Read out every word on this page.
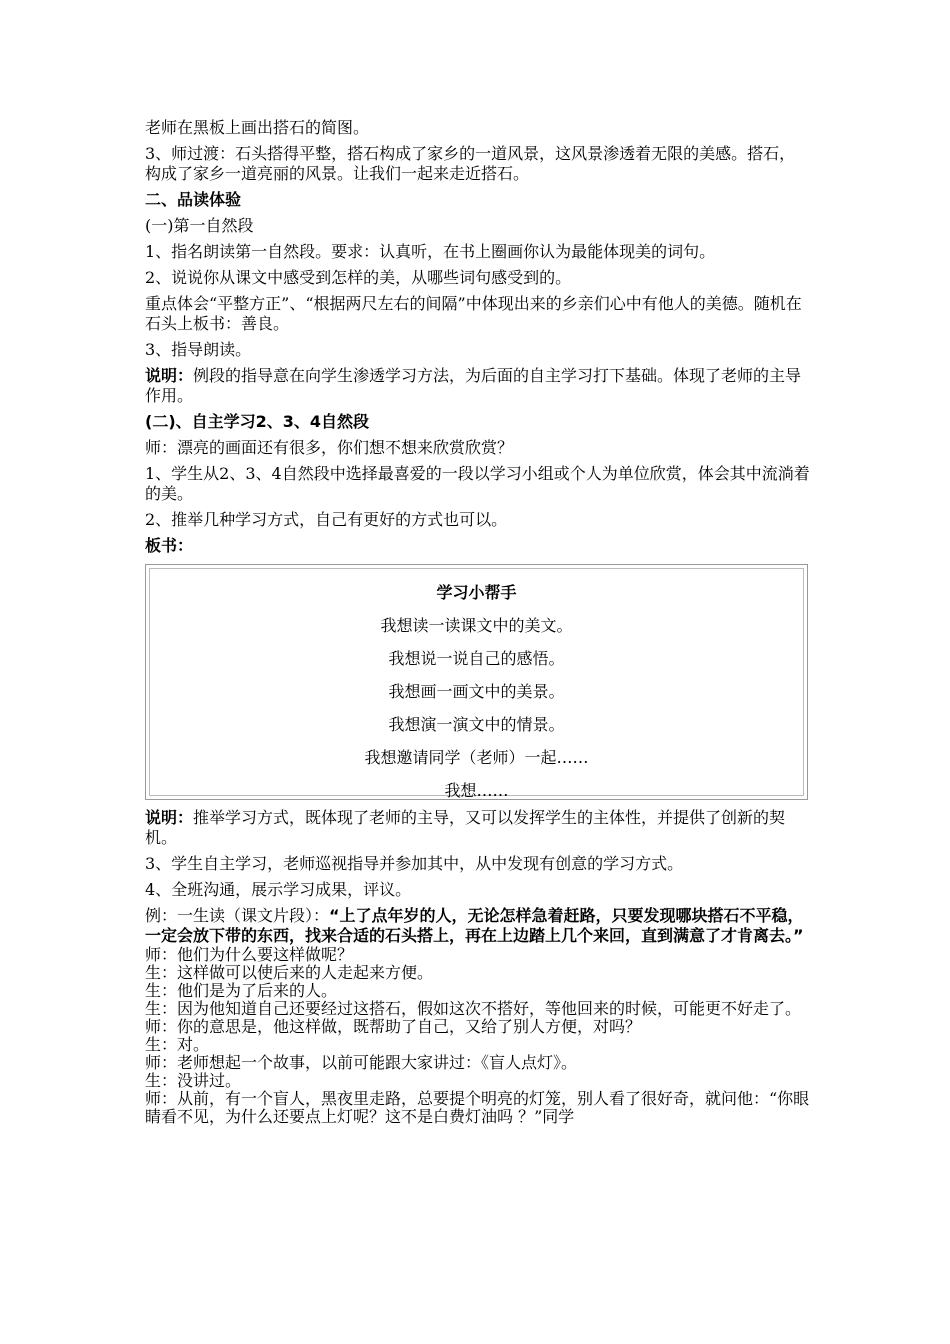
老师在黑板上画出搭石的简图。

3、师过渡：石头搭得平整，搭石构成了家乡的一道风景，这风景渗透着无限的美感。搭石，构成了家乡一道亮丽的风景。让我们一起来走近搭石。

二、品读体验

(一)第一自然段

1、指名朗读第一自然段。要求：认真听，在书上圈画你认为最能体现美的词句。

2、说说你从课文中感受到怎样的美，从哪些词句感受到的。

重点体会“平整方正”、“根据两尺左右的间隔”中体现出来的乡亲们心中有他人的美德。随机在石头上板书：善良。

3、指导朗读。

说明：例段的指导意在向学生渗透学习方法，为后面的自主学习打下基础。体现了老师的主导作用。

(二)、自主学习2、3、4自然段

师：漂亮的画面还有很多，你们想不想来欣赏欣赏？

1、学生从2、3、4自然段中选择最喜爱的一段以学习小组或个人为单位欣赏，体会其中流淌着的美。

2、推举几种学习方式，自己有更好的方式也可以。

板书：

学习小帮手
我想读一读课文中的美文。
我想说一说自己的感悟。
我想画一画文中的美景。
我想演一演文中的情景。
我想邀请同学（老师）一起……
我想……

说明：推举学习方式，既体现了老师的主导，又可以发挥学生的主体性，并提供了创新的契机。

3、学生自主学习，老师巡视指导并参加其中，从中发现有创意的学习方式。

4、全班沟通，展示学习成果，评议。

例：一生读（课文片段）：“上了点年岁的人，无论怎样急着赶路，只要发现哪块搭石不平稳，一定会放下带的东西，找来合适的石头搭上，再在上边踏上几个来回，直到满意了才肯离去。”

师：他们为什么要这样做呢？

生：这样做可以使后来的人走起来方便。

生：他们是为了后来的人。

生：因为他知道自己还要经过这搭石，假如这次不搭好，等他回来的时候，可能更不好走了。

师：你的意思是，他这样做，既帮助了自己，又给了别人方便，对吗？

生：对。

师：老师想起一个故事，以前可能跟大家讲过：《盲人点灯》。

生：没讲过。

师：从前，有一个盲人，黑夜里走路，总要提个明亮的灯笼，别人看了很好奇，就问他：“你眼睛看不见，为什么还要点上灯呢？这不是白费灯油吗 ？”同学
